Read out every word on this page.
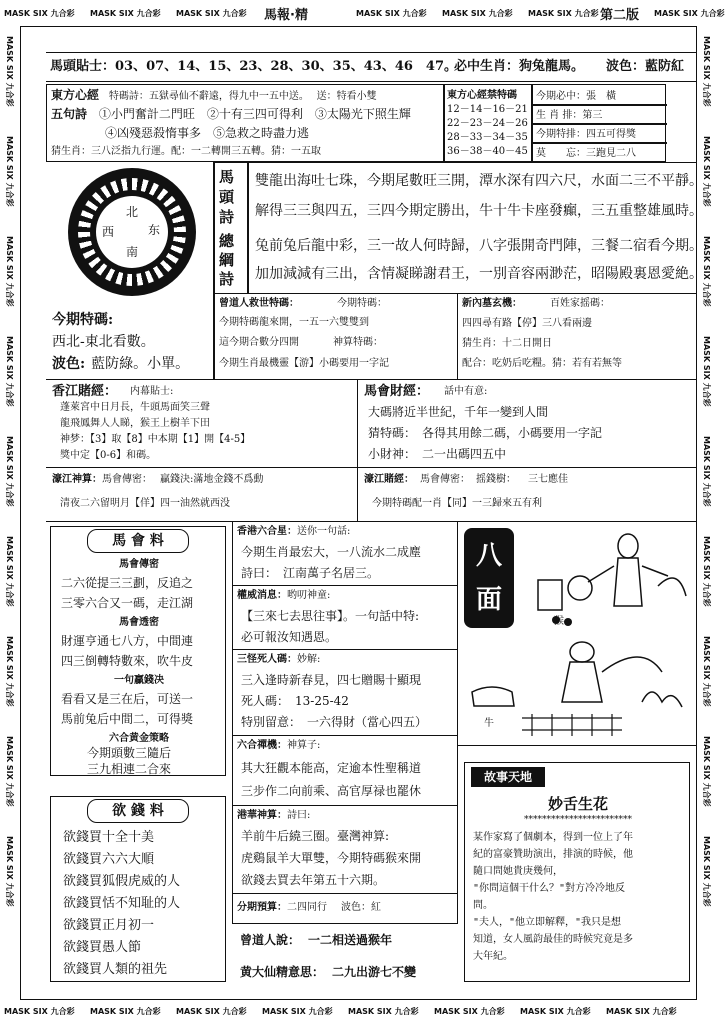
MASK SIX 九合彩 MASK SIX 九合彩 MASK SIX 九合彩 馬報·精	MASK SIX 九合彩 MASK SIX 九合彩 MASK SIX 九合彩 第二版 MASK SIX 九合彩
MASK SIX 九合彩 MASK SIX 九合彩 MASK SIX 九合彩 MASK SIX 九合彩 MASK SIX 九合彩 MASK SIX 九合彩 MASK SIX 九合彩 MASK SIX 九合彩
MASK SIX 九合彩
MASK SIX 九合彩
MASK SIX 九合彩
MASK SIX 九合彩
MASK SIX 九合彩
MASK SIX 九合彩
MASK SIX 九合彩
MASK SIX 九合彩
MASK SIX 九合彩
MASK SIX 九合彩
MASK SIX 九合彩
MASK SIX 九合彩
MASK SIX 九合彩
MASK SIX 九合彩
MASK SIX 九合彩
MASK SIX 九合彩
MASK SIX 九合彩
MASK SIX 九合彩
馬頭貼士：03、07、14、15、23、28、30、35、43、46　47。
必中生肖：狗兔龍馬。 波色：藍防紅
東方心經 特碼詩：五獄尋仙不辭遠，得九中一五中送。 送：特看小雙
五句詩 ①小門奮計二門旺　②十有三四可得利　③太陽光下照生輝
④凶殘惡殺惰事多　⑤急救之時盡力逃
猜生肖：三八泛指九行運。配：一二轉開三五轉。猜：一五取
東方心經禁特碼
12－14－16－21
22－23－24－26
28－33－34－35
36－38－40－45
今期必中：張　橫
生 肖 排：第三
今期特排：四五可得獎
莫　　忘：三跑見二八
北
西	东
南
馬頭詩
雙龍出海吐七珠，今期尾數旺三開，潭水深有四六尺，水面二三不平靜。
解得三三與四五，三四今期定勝出，牛十牛卡座發癲，三五重整雄風時。
總綱詩
兔前兔后龍中彩，三一故人何時歸，八字張開奇門陣，三餐二宿看今期。
加加減減有三出，含情凝睇謝君王，一別音容兩渺茫，昭陽殿裏恩愛絶。
今期特碼:
西北-東北看數。
波色: 藍防綠。小單。
曾道人救世特碼：	今期特碼：
今期特碼龍來開，一五一六雙雙到
這今期合數分四開	神算特碼：
今期生肖最機靈【游】小碼要用一字記
新內墓玄機：	百姓家摇碼：
四四尋有路【停】三八看兩邊
猜生肖：十二日開日
配合：吃奶后吃糧。猜：若有若無等
香江賭經： 内幕貼士:
蓬萊宮中日月長，牛頭馬面笑三聲
龍飛鳳舞人人睇，猴王上樹羊下田
神梦：【3】取【8】中本期【1】開【4-5】
獎中定【0-6】和碼。
馬會財經： 話中有意:
大碼將近半世紀，千年一變到人間
猜特碼：　各得其用餘二碼，小碼要用一字記
小財神：　二一出碼四五中
濠江神算：馬會傳密： 贏錢決:滿地金錢不爲動
清夜二六留明月【佯】四一油然就西没
濠江賭經： 馬會傳密： 摇錢樹： 三七應佳
今期特碼配一肖【同】一三歸來五有利
馬 會 料
馬會傳密
二六從提三三劃，反追之
三零六合又一碼，走江湖
馬會透密
財運亨通七八方，中間連
四三倒轉特數來，吹牛皮
一句贏錢决
看看又是三在后，可送一
馬前兔后中間二，可得獎
六合黄金策略
今期頭數三隨后
三九相連二合來
欲 錢 料
欲錢買十全十美
欲錢買六六大順
欲錢買狐假虎威的人
欲錢買恬不知耻的人
欲錢買正月初一
欲錢買愚人節
欲錢買人類的祖先
香港六合星：送你一句話:
今期生肖最宏大，一八流水二成塵
詩曰：　江南萬子名居三。
權威消息：哟叨神童:
【三來七去思往事】。一句話中特:
必可報汝知遇恩。
三怪死人碼：妙解:
三入逢時新春見，四七贈賜十顯現
死人碼：　13-25-42
特別留意：　一六得財（當心四五）
六合禪機：神算子:
其大狂觀本能高，定逾本性聖稱道
三步作二向前乘、高官厚禄也罷休
港華神算：詩曰:
羊前牛后繞三圈。臺灣神算:
虎鷄鼠羊大單雙，今期特碼猴來開
欲錢去買去年第五十六期。
分期預算：二四同行 波色：紅
曾道人說： 一二相送過猴年
黄大仙精意思： 二九出游七不變
八面财源
猴
牛
故事天地
妙舌生花
************************
某作家寫了個劇本，得到一位上了年
紀的富豪贊助演出，排演的時候，他
隨口問她貴庚幾何，
"你問這個干什么？"對方冷冷地反
問。
"夫人，"他立即解釋，"我只是想
知道，女人風韵最佳的時候究竟是多
大年紀。
